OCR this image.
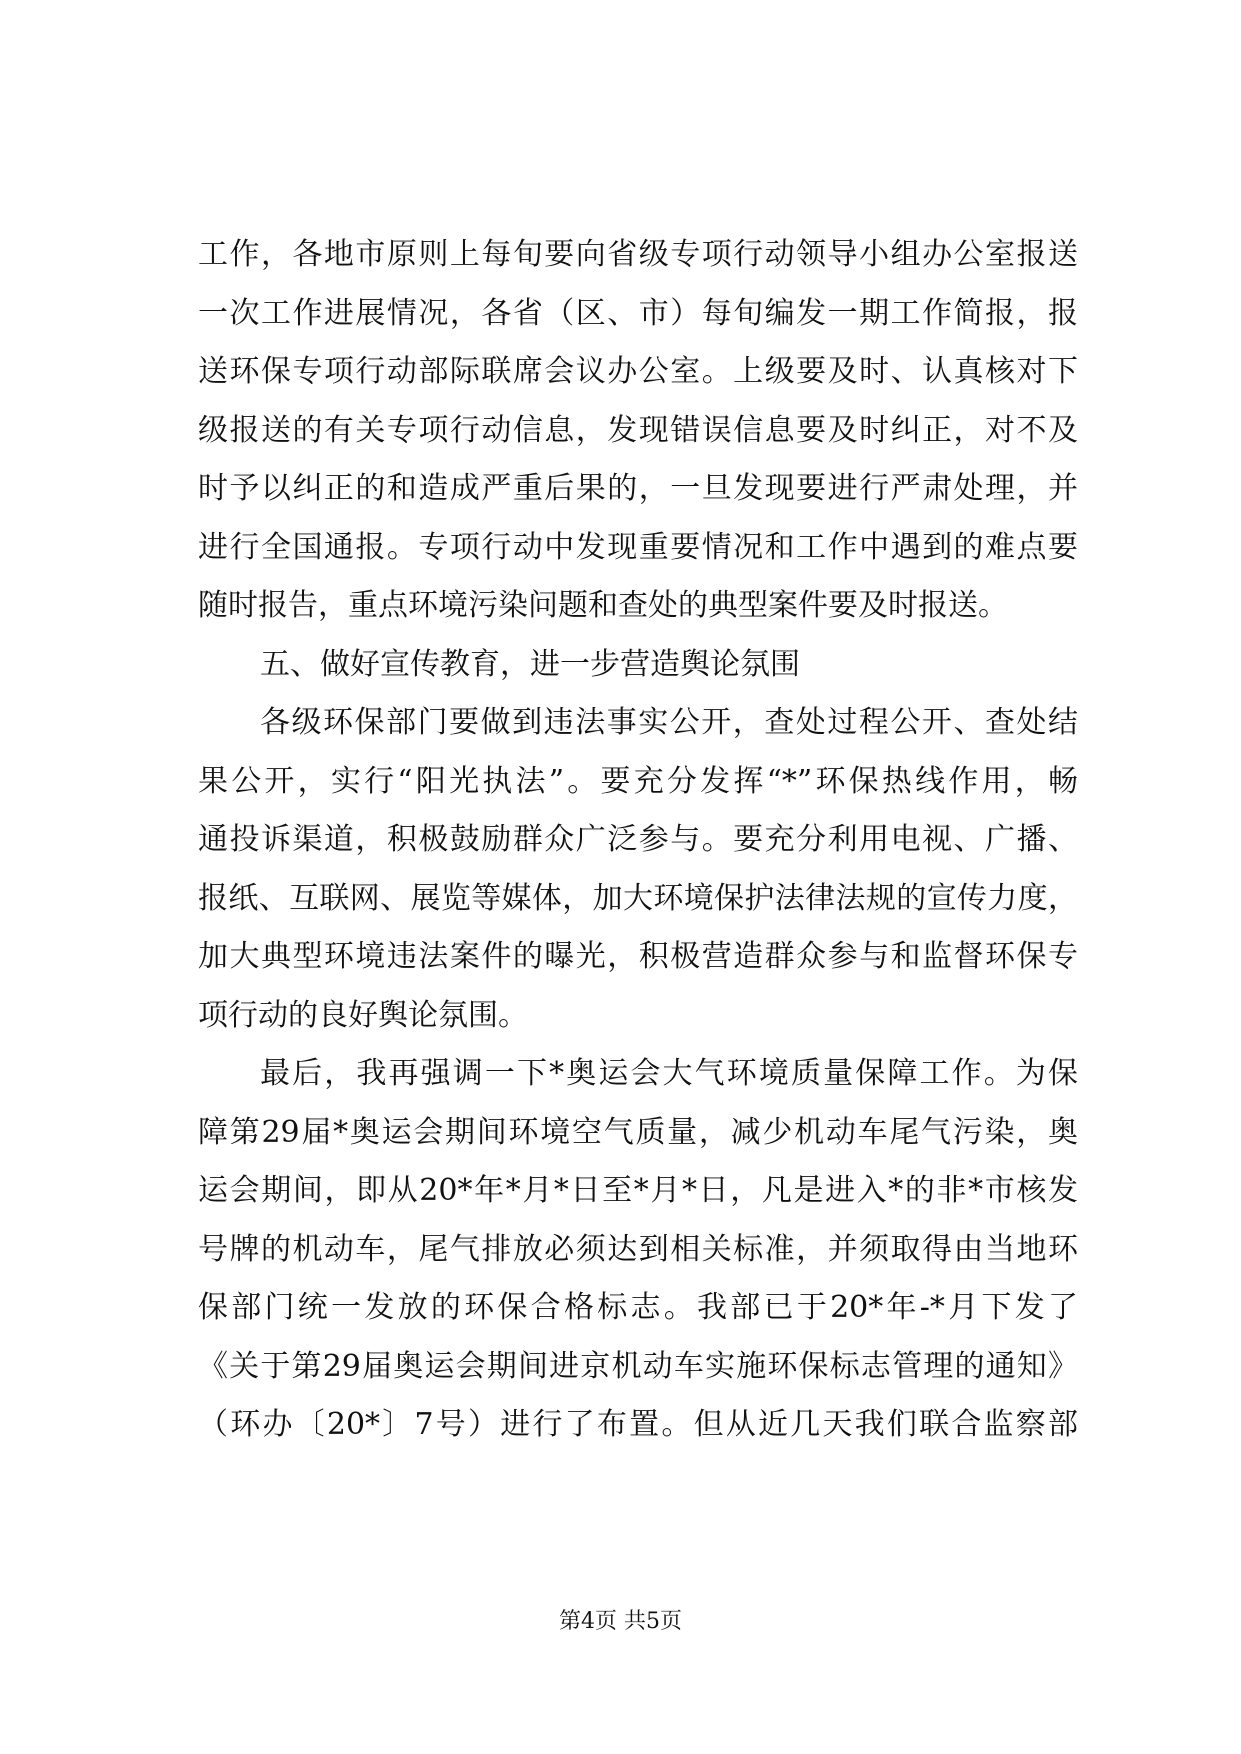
工作，各地市原则上每旬要向省级专项行动领导小组办公室报送
一次工作进展情况，各省（区、市）每旬编发一期工作简报，报
送环保专项行动部际联席会议办公室。上级要及时、认真核对下
级报送的有关专项行动信息，发现错误信息要及时纠正，对不及
时予以纠正的和造成严重后果的，一旦发现要进行严肃处理，并
进行全国通报。专项行动中发现重要情况和工作中遇到的难点要
随时报告，重点环境污染问题和查处的典型案件要及时报送。
五、做好宣传教育，进一步营造舆论氛围
各级环保部门要做到违法事实公开，查处过程公开、查处结
果公开，实行“阳光执法”。要充分发挥“*”环保热线作用，畅
通投诉渠道，积极鼓励群众广泛参与。要充分利用电视、广播、
报纸、互联网、展览等媒体，加大环境保护法律法规的宣传力度，
加大典型环境违法案件的曝光，积极营造群众参与和监督环保专
项行动的良好舆论氛围。
最后，我再强调一下*奥运会大气环境质量保障工作。为保
障第29届*奥运会期间环境空气质量，减少机动车尾气污染，奥
运会期间，即从20*年*月*日至*月*日，凡是进入*的非*市核发
号牌的机动车，尾气排放必须达到相关标准，并须取得由当地环
保部门统一发放的环保合格标志。我部已于20*年-*月下发了
《关于第29届奥运会期间进京机动车实施环保标志管理的通知》
（环办〔20*〕7号）进行了布置。但从近几天我们联合监察部
第4页 共5页
